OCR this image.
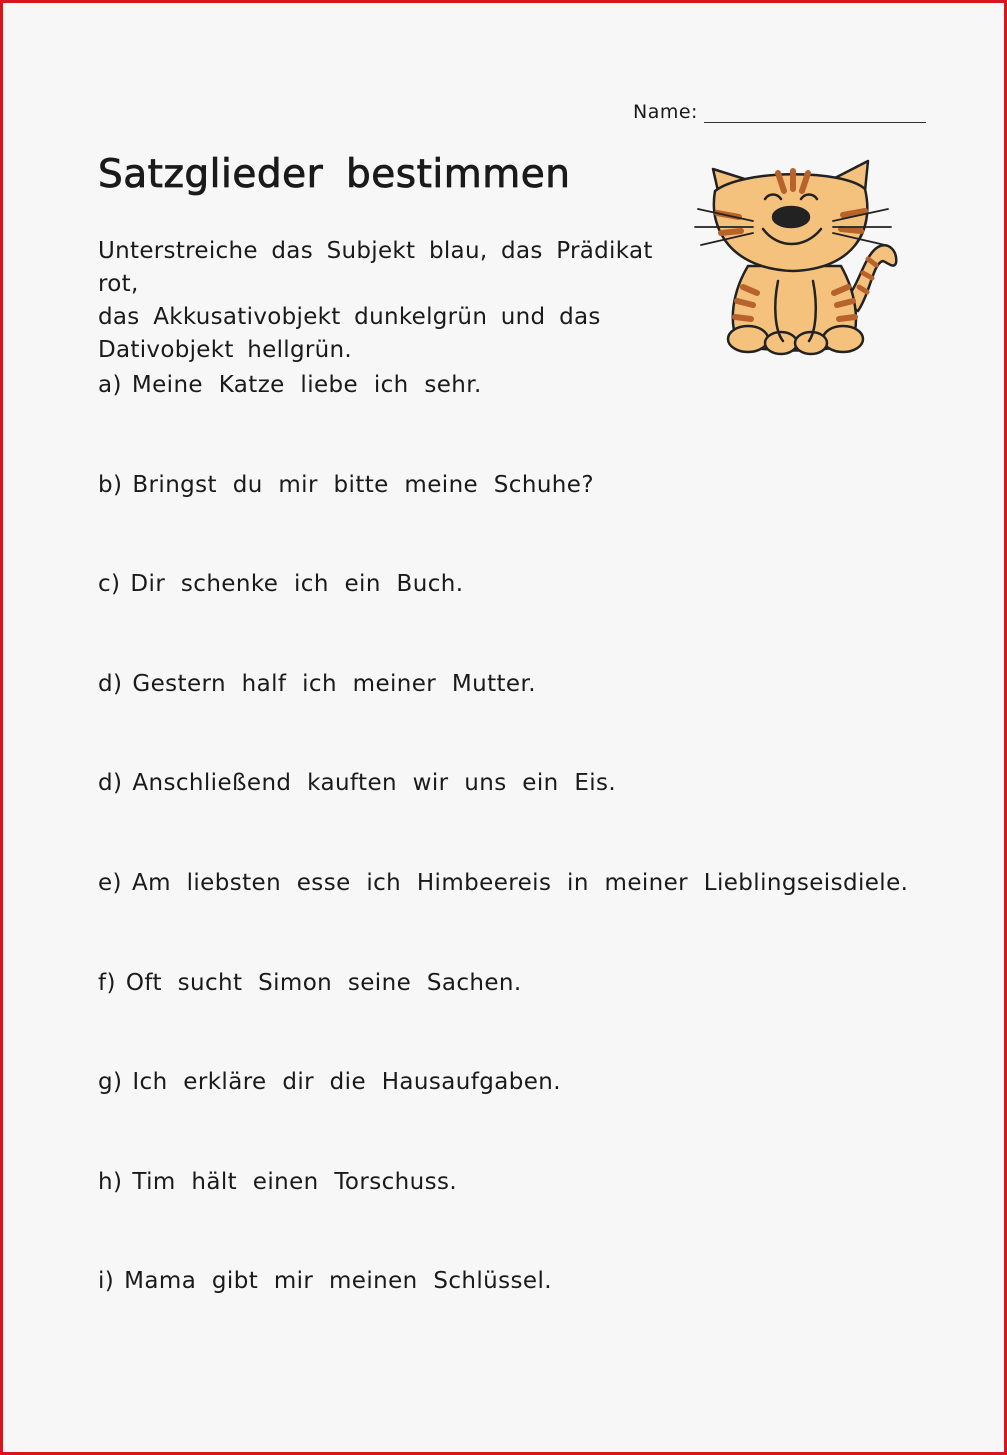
Name:
Satzglieder bestimmen

Unterstreiche das Subjekt blau, das Prädikat rot,
das Akkusativobjekt dunkelgrün und das
Dativobjekt hellgrün.

a) Meine Katze liebe ich sehr.
b) Bringst du mir bitte meine Schuhe?
c) Dir schenke ich ein Buch.
d) Gestern half ich meiner Mutter.
d) Anschließend kauften wir uns ein Eis.
e) Am liebsten esse ich Himbeereis in meiner Lieblingseisdiele.
f) Oft sucht Simon seine Sachen.
g) Ich erkläre dir die Hausaufgaben.
h) Tim hält einen Torschuss.
i) Mama gibt mir meinen Schlüssel.
